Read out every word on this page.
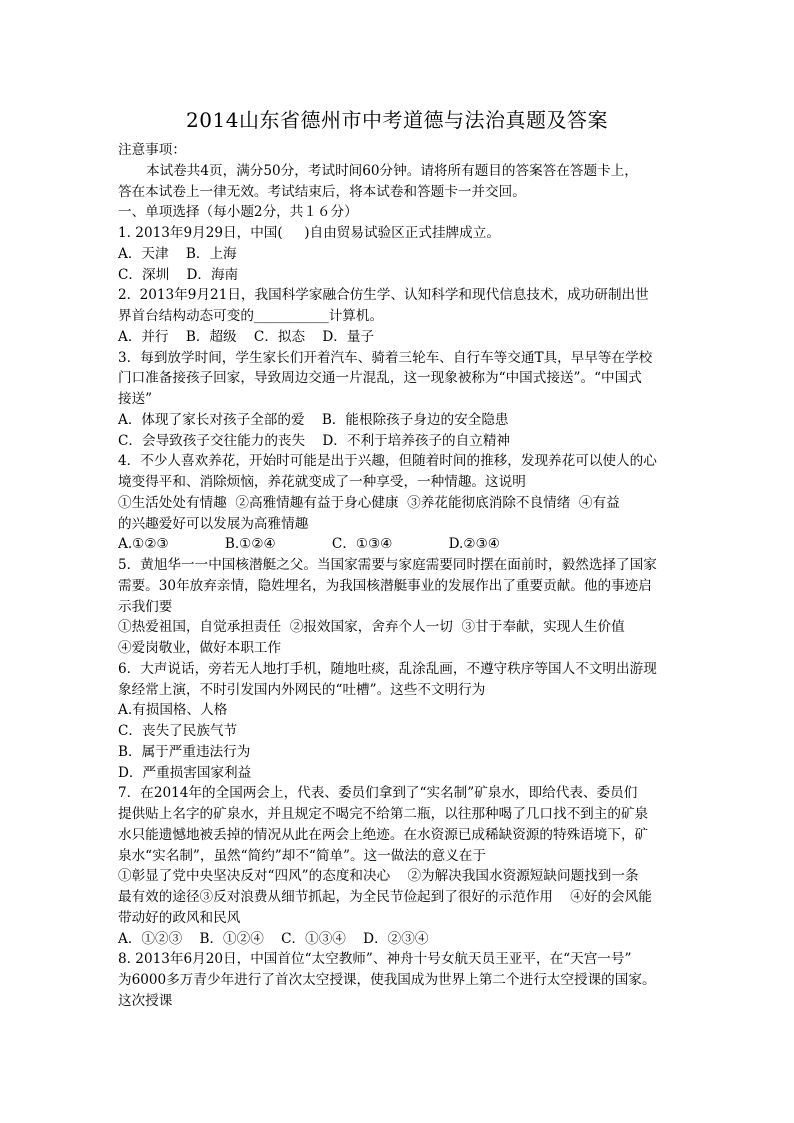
2014山东省德州市中考道德与法治真题及答案
注意事项：
本试卷共4页，满分50分，考试时间60分钟。请将所有题目的答案答在答题卡上，
答在本试卷上一律无效。考试结束后，将本试卷和答题卡一并交回。
一、单项选择（每小题2分，共１６分）
1. 2013年9月29日，中国(     )自由贸易试验区正式挂牌成立。
A．天津    B．上海
C．深圳    D．海南
2.  2013年9月21日，我国科学家融合仿生学、认知科学和现代信息技术，成功研制出世
界首台结构动态可变的___________计算机。
A．并行    B．超级    C．拟态    D．量子
3．每到放学时间，学生家长们开着汽车、骑着三轮车、自行车等交通T具，早早等在学校
门口准备接孩子回家，导致周边交通一片混乱，这一现象被称为“中国式接送”。“中国式
接送”
A．体现了家长对孩子全部的爱    B．能根除孩子身边的安全隐患
C．会导致孩子交往能力的丧失    D．不利于培养孩子的自立精神
4．不少人喜欢养花，开始时可能是出于兴趣，但随着时间的推移，发现养花可以使人的心
境变得平和、消除烦恼，养花就变成了一种享受，一种情趣。这说明
①生活处处有情趣  ②高雅情趣有益于身心健康  ③养花能彻底消除不良情绪  ④有益
的兴趣爱好可以发展为高雅情趣
A.①②③             B.①②④             C．①③④             D.②③④
5．黄旭华一一中国核潜艇之父。当国家需要与家庭需要同时摆在面前时，毅然选择了国家
需要。30年放弃亲情，隐姓埋名，为我国核潜艇事业的发展作出了重要贡献。他的事迹启
示我们要
①热爱祖国，自觉承担责任  ②报效国家，舍弃个人一切  ③甘于奉献，实现人生价值
④爱岗敬业，做好本职工作
6．大声说话，旁若无人地打手机，随地吐痰，乱涂乱画，不遵守秩序等国人不文明出游现
象经常上演，不时引发国内外网民的“吐槽”。这些不文明行为
A.有损国格、人格
C．丧失了民族气节
B．属于严重违法行为
D．严重损害国家利益
7．在2014年的全国两会上，代表、委员们拿到了“实名制”矿泉水，即给代表、委员们
提供贴上名字的矿泉水，并且规定不喝完不给第二瓶，以往那种喝了几口找不到主的矿泉
水只能遗憾地被丢掉的情况从此在两会上绝迹。在水资源已成稀缺资源的特殊语境下，矿
泉水“实名制”，虽然“简约”却不“简单”。这一做法的意义在于
①彰显了党中央坚决反对“四风”的态度和决心    ②为解决我国水资源短缺问题找到一条
最有效的途径③反对浪费从细节抓起，为全民节俭起到了很好的示范作用    ④好的会风能
带动好的政风和民风
A．①②③    B．①②④    C．①③④    D．②③④
8. 2013年6月20日，中国首位“太空教师”、神舟十号女航天员王亚平，在“天宫一号”
为6000多万青少年进行了首次太空授课，使我国成为世界上第二个进行太空授课的国家。
这次授课
